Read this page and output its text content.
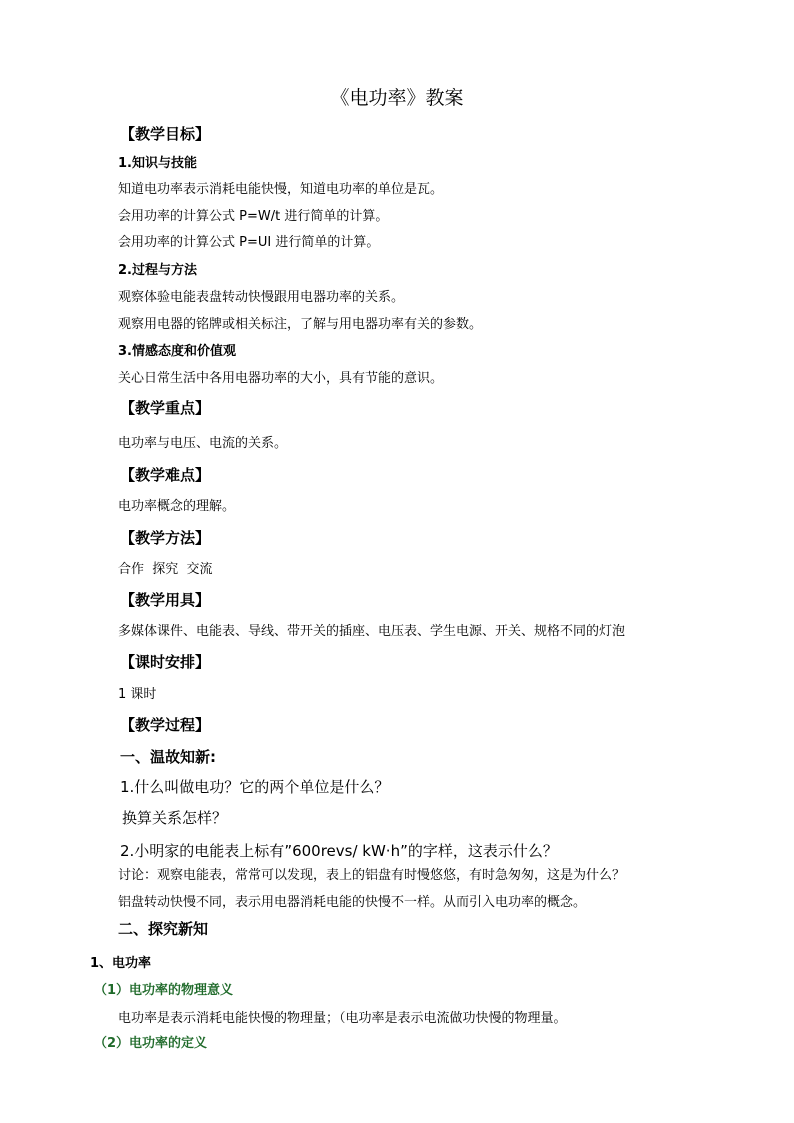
《电功率》教案
【教学目标】
1.知识与技能
知道电功率表示消耗电能快慢，知道电功率的单位是瓦。
会用功率的计算公式 P=W/t 进行简单的计算。
会用功率的计算公式 P=UI 进行简单的计算。
2.过程与方法
观察体验电能表盘转动快慢跟用电器功率的关系。
观察用电器的铭牌或相关标注，了解与用电器功率有关的参数。
3.情感态度和价值观
关心日常生活中各用电器功率的大小，具有节能的意识。
【教学重点】
电功率与电压、电流的关系。
【教学难点】
电功率概念的理解。
【教学方法】
合作  探究  交流
【教学用具】
多媒体课件、电能表、导线、带开关的插座、电压表、学生电源、开关、规格不同的灯泡
【课时安排】
1 课时
【教学过程】
一、温故知新:
1.什么叫做电功？它的两个单位是什么？
换算关系怎样？
2.小明家的电能表上标有”600revs/ kW·h”的字样，这表示什么？
讨论：观察电能表，常常可以发现，表上的铝盘有时慢悠悠，有时急匆匆，这是为什么？
铝盘转动快慢不同，表示用电器消耗电能的快慢不一样。从而引入电功率的概念。
二、探究新知
1、电功率
（1）电功率的物理意义
电功率是表示消耗电能快慢的物理量；（电功率是表示电流做功快慢的物理量。
（2）电功率的定义
